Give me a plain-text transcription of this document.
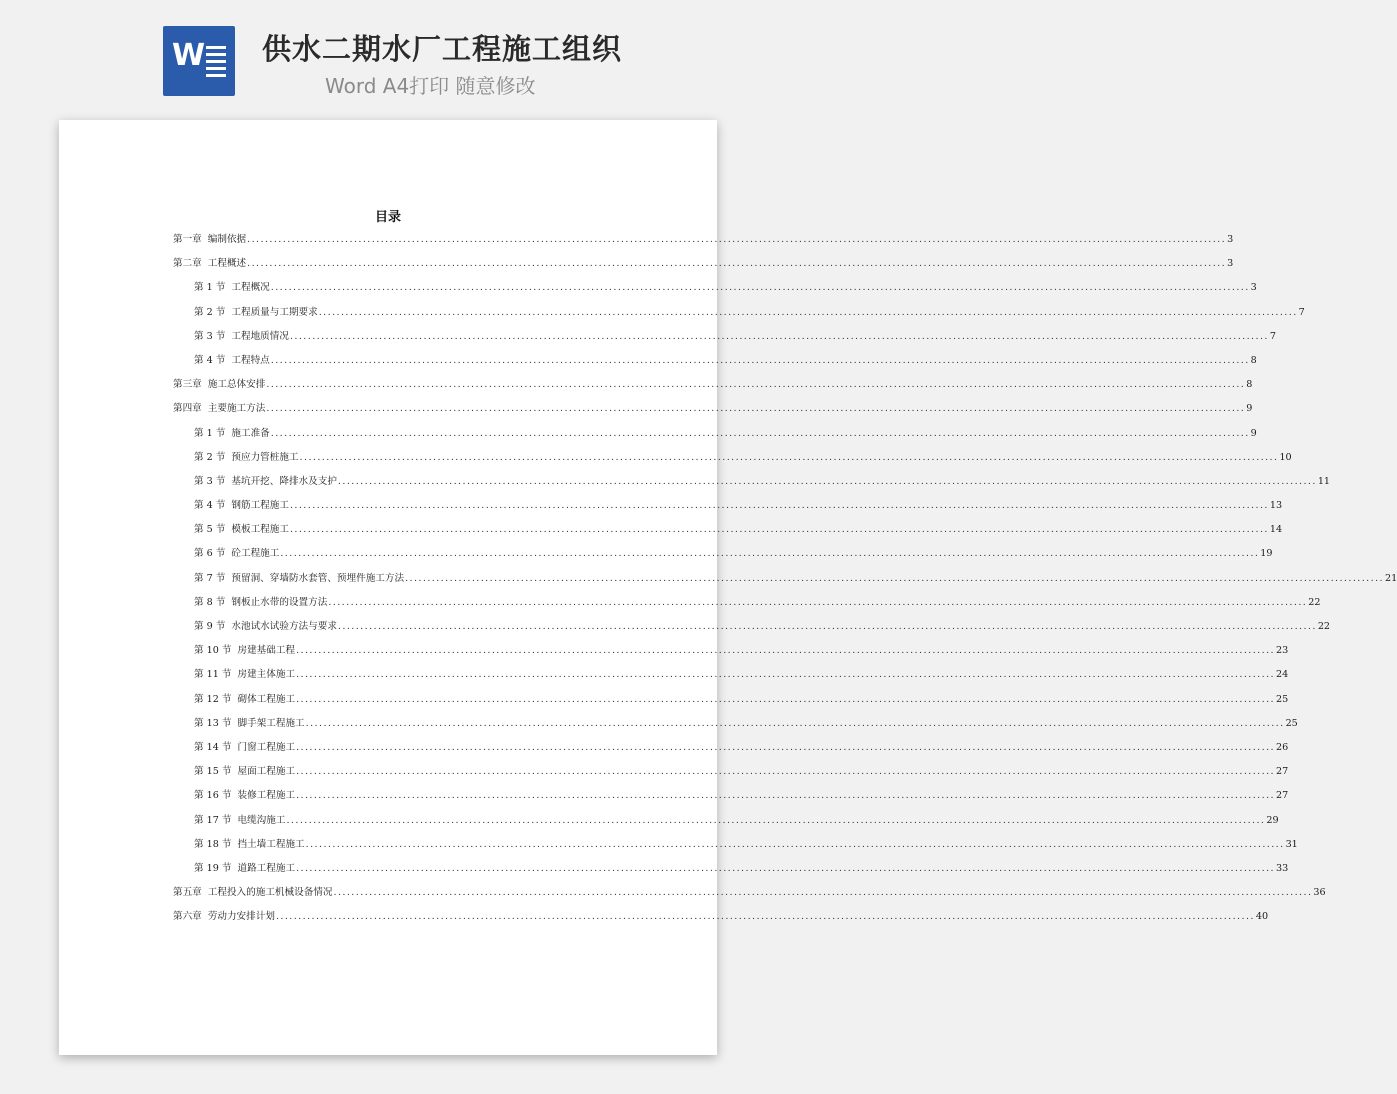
W 供水二期水厂工程施工组织
Word A4打印 随意修改
目录
第一章 编制依据 ............................................................................................................................................................................................................................ 3
第二章 工程概述 ............................................................................................................................................................................................................................ 3
第 1 节 工程概况 ............................................................................................................................................................................................................................ 3
第 2 节 工程质量与工期要求 ............................................................................................................................................................................................................................ 7
第 3 节 工程地质情况 ............................................................................................................................................................................................................................ 7
第 4 节 工程特点 ............................................................................................................................................................................................................................ 8
第三章 施工总体安排 ............................................................................................................................................................................................................................ 8
第四章 主要施工方法 ............................................................................................................................................................................................................................ 9
第 1 节 施工准备 ............................................................................................................................................................................................................................ 9
第 2 节 预应力管桩施工 ............................................................................................................................................................................................................................ 10
第 3 节 基坑开挖、降排水及支护 ............................................................................................................................................................................................................................ 11
第 4 节 钢筋工程施工 ............................................................................................................................................................................................................................ 13
第 5 节 模板工程施工 ............................................................................................................................................................................................................................ 14
第 6 节 砼工程施工 ............................................................................................................................................................................................................................ 19
第 7 节 预留洞、穿墙防水套管、预埋件施工方法 ............................................................................................................................................................................................................................ 21
第 8 节 钢板止水带的设置方法 ............................................................................................................................................................................................................................ 22
第 9 节 水池试水试验方法与要求 ............................................................................................................................................................................................................................ 22
第 10 节 房建基础工程 ............................................................................................................................................................................................................................ 23
第 11 节 房建主体施工 ............................................................................................................................................................................................................................ 24
第 12 节 砌体工程施工 ............................................................................................................................................................................................................................ 25
第 13 节 脚手架工程施工 ............................................................................................................................................................................................................................ 25
第 14 节 门窗工程施工 ............................................................................................................................................................................................................................ 26
第 15 节 屋面工程施工 ............................................................................................................................................................................................................................ 27
第 16 节 装修工程施工 ............................................................................................................................................................................................................................ 27
第 17 节 电缆沟施工 ............................................................................................................................................................................................................................ 29
第 18 节 挡土墙工程施工 ............................................................................................................................................................................................................................ 31
第 19 节 道路工程施工 ............................................................................................................................................................................................................................ 33
第五章 工程投入的施工机械设备情况 ............................................................................................................................................................................................................................ 36
第六章 劳动力安排计划 ............................................................................................................................................................................................................................ 40
